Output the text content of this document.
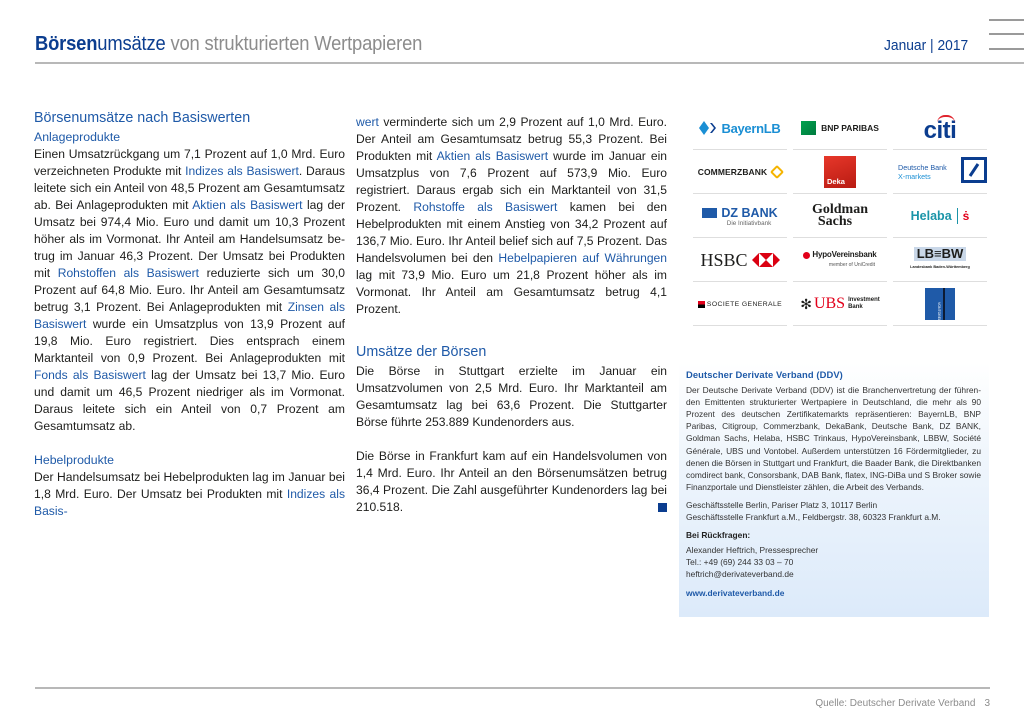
Börsenumsätze von strukturierten Wertpapieren	Januar | 2017
Börsenumsätze nach Basiswerten
Anlageprodukte

Einen Umsatzrückgang um 7,1 Prozent auf 1,0 Mrd. Euro verzeichneten Produkte mit Indizes als Basiswert. Daraus leitete sich ein Anteil von 48,5 Prozent am Gesamtumsatz ab. Bei Anlageprodukten mit Aktien als Basiswert lag der Umsatz bei 974,4 Mio. Euro und damit um 10,3 Prozent höher als im Vormonat. Ihr Anteil am Handelsumsatz betrug im Januar 46,3 Prozent. Der Umsatz bei Produkten mit Rohstoffen als Basiswert reduzierte sich um 30,0 Prozent auf 64,8 Mio. Euro. Ihr Anteil am Gesamtumsatz betrug 3,1 Prozent. Bei Anlageprodukten mit Zinsen als Basiswert wurde ein Umsatzplus von 13,9 Prozent auf 19,8 Mio. Euro registriert. Dies entsprach einem Marktanteil von 0,9 Prozent. Bei Anlageprodukten mit Fonds als Basiswert lag der Umsatz bei 13,7 Mio. Euro und damit um 46,5 Prozent niedriger als im Vormonat. Daraus leitete sich ein Anteil von 0,7 Prozent am Gesamtumsatz ab.

Hebelprodukte

Der Handelsumsatz bei Hebelprodukten lag im Januar bei 1,8 Mrd. Euro. Der Umsatz bei Produkten mit Indizes als Basis-

wert verminderte sich um 2,9 Prozent auf 1,0 Mrd. Euro. Der Anteil am Gesamtumsatz betrug 55,3 Prozent. Bei Produkten mit Aktien als Basiswert wurde im Januar ein Umsatzplus von 7,6 Prozent auf 573,9 Mio. Euro registriert. Daraus ergab sich ein Marktanteil von 31,5 Prozent. Rohstoffe als Basiswert kamen bei den Hebelprodukten mit einem Anstieg von 34,2 Prozent auf 136,7 Mio. Euro. Ihr Anteil belief sich auf 7,5 Prozent. Das Handelsvolumen bei den Hebelpapieren auf Währungen lag mit 73,9 Mio. Euro um 21,8 Prozent höher als im Vormonat. Ihr Anteil am Gesamtumsatz betrug 4,1 Prozent.

Umsätze der Börsen

Die Börse in Stuttgart erzielte im Januar ein Umsatzvolumen von 2,5 Mrd. Euro. Ihr Marktanteil am Gesamtumsatz lag bei 63,6 Prozent. Die Stuttgarter Börse führte 253.889 Kundenorders aus.

Die Börse in Frankfurt kam auf ein Handelsvolumen von 1,4 Mrd. Euro. Ihr Anteil an den Börsenumsätzen betrug 36,4 Prozent. Die Zahl ausgeführter Kundenorders lag bei 210.518.

BayernLB	BNP PARIBAS citi
COMMERZBANK
Deka
Deutsche Bank
X-markets
DZ BANK
Die Initiativbank
Goldman
Sachs	Helaba ṡ
HSBC	HypoVereinsbank
member of UniCredit
LB≡BW
Landesbank Baden-Württemberg
SOCIETE GENERALE ✻ UBS Investment
Bank	VONTOBEL
Deutscher Derivate Verband (DDV)

Der Deutsche Derivate Verband (DDV) ist die Branchenvertretung der führenden Emittenten strukturierter Wertpapiere in Deutschland, die mehr als 90 Prozent des deutschen Zertifikatemarkts repräsentieren: BayernLB, BNP Paribas, Citigroup, Commerzbank, DekaBank, Deutsche Bank, DZ BANK, Goldman Sachs, Helaba, HSBC Trinkaus, HypoVereinsbank, LBBW, Société Générale, UBS und Vontobel. Außerdem unterstützen 16 Fördermitglieder, zu denen die Börsen in Stuttgart und Frankfurt, die Baader Bank, die Direktbanken comdirect bank, Consorsbank, DAB Bank, flatex, ING-DiBa und S Broker sowie Finanzportale und Dienstleister zählen, die Arbeit des Verbands.

Geschäftsstelle Berlin, Pariser Platz 3, 10117 Berlin

Geschäftsstelle Frankfurt a.M., Feldbergstr. 38, 60323 Frankfurt a.M.

Bei Rückfragen:

Alexander Heftrich, Pressesprecher

Tel.: +49 (69) 244 33 03 – 70

heftrich@derivateverband.de

www.derivateverband.de

Quelle: Deutscher Derivate Verband 3
